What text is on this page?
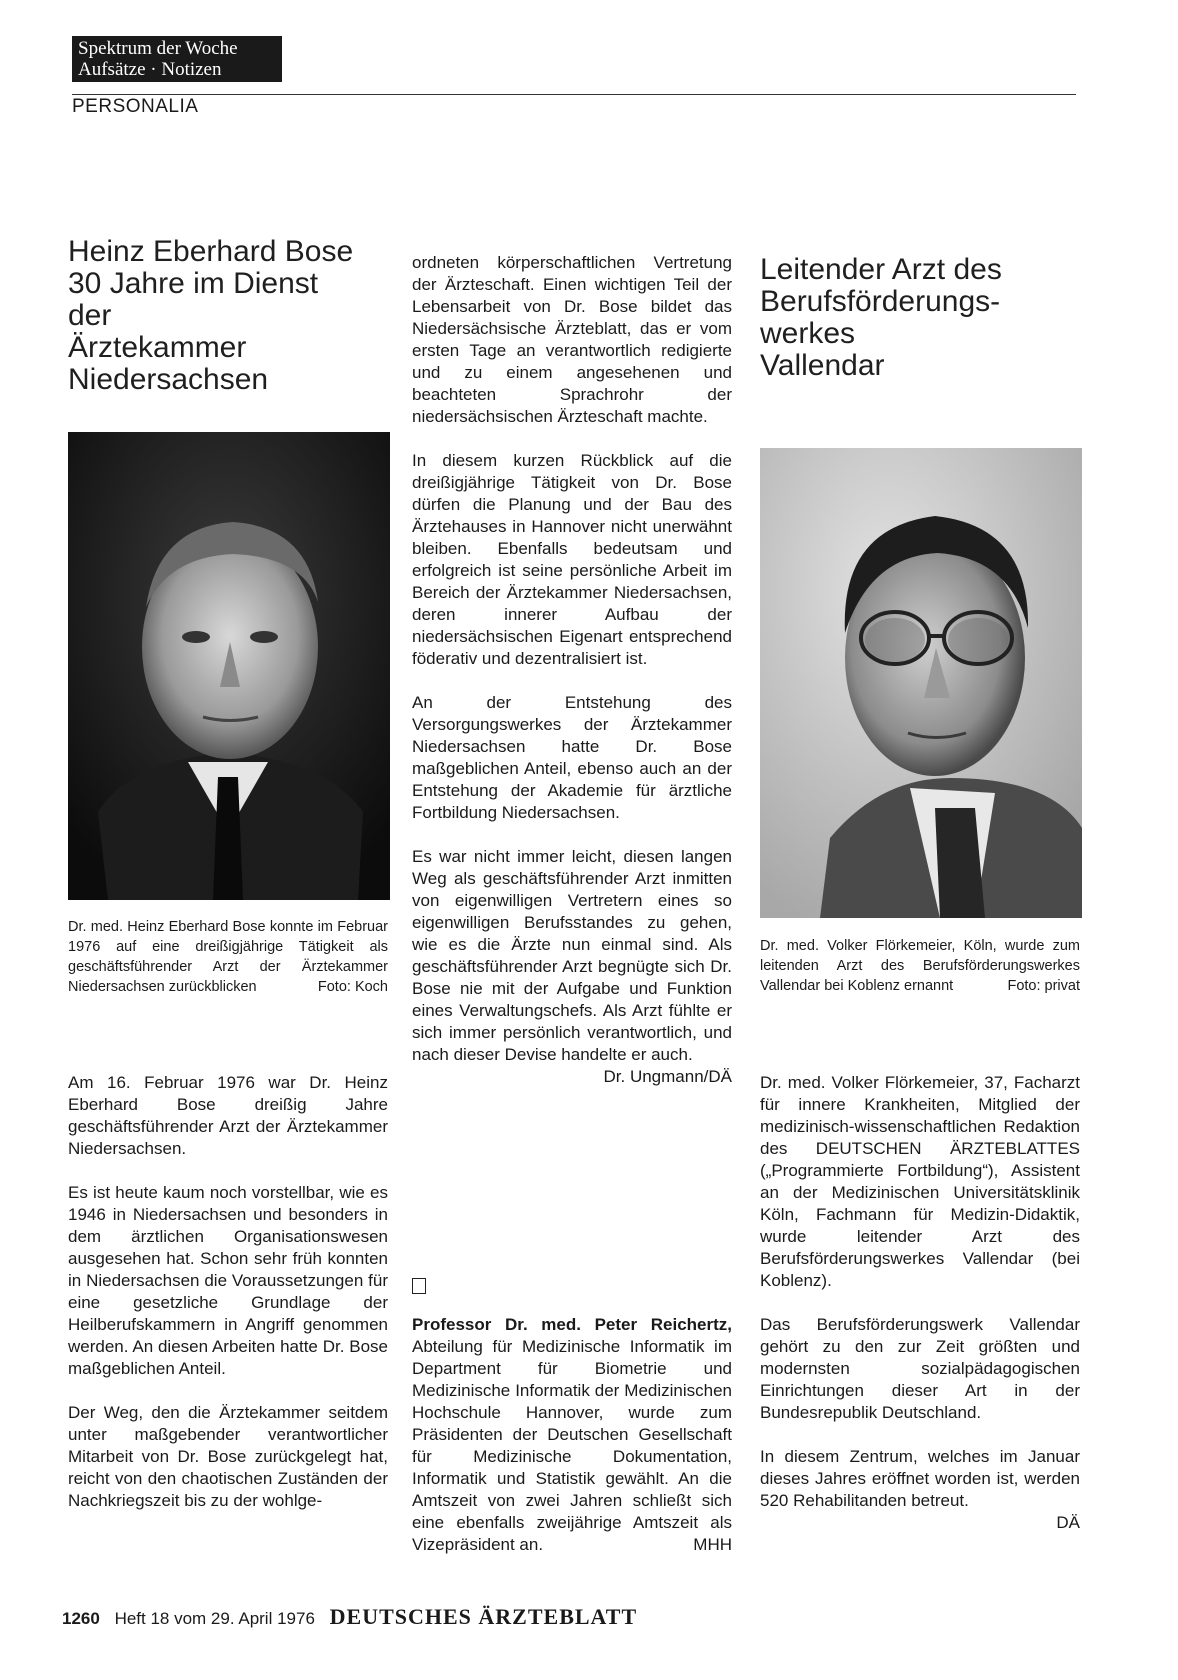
Spektrum der Woche
Aufsätze · Notizen
PERSONALIA
Heinz Eberhard Bose
30 Jahre im Dienst der
Ärztekammer
Niedersachsen
Dr. med. Heinz Eberhard Bose konnte im Februar 1976 auf eine dreißigjährige Tätigkeit als geschäftsführender Arzt der Ärztekammer Niedersachsen zurückblicken	Foto: Koch

Am 16. Februar 1976 war Dr. Heinz Eberhard Bose dreißig Jahre geschäftsführender Arzt der Ärztekammer Niedersachsen.

Es ist heute kaum noch vorstellbar, wie es 1946 in Niedersachsen und besonders in dem ärztlichen Organisationswesen ausgesehen hat. Schon sehr früh konnten in Niedersachsen die Voraussetzungen für eine gesetzliche Grundlage der Heilberufskammern in Angriff genommen werden. An diesen Arbeiten hatte Dr. Bose maßgeblichen Anteil.

Der Weg, den die Ärztekammer seitdem unter maßgebender verantwortlicher Mitarbeit von Dr. Bose zurückgelegt hat, reicht von den chaotischen Zuständen der Nachkriegszeit bis zu der wohlge-

ordneten körperschaftlichen Vertretung der Ärzteschaft. Einen wichtigen Teil der Lebensarbeit von Dr. Bose bildet das Niedersächsische Ärzteblatt, das er vom ersten Tage an verantwortlich redigierte und zu einem angesehenen und beachteten Sprachrohr der niedersächsischen Ärzteschaft machte.

In diesem kurzen Rückblick auf die dreißigjährige Tätigkeit von Dr. Bose dürfen die Planung und der Bau des Ärztehauses in Hannover nicht unerwähnt bleiben. Ebenfalls bedeutsam und erfolgreich ist seine persönliche Arbeit im Bereich der Ärztekammer Niedersachsen, deren innerer Aufbau der niedersächsischen Eigenart entsprechend föderativ und dezentralisiert ist.

An der Entstehung des Versorgungswerkes der Ärztekammer Niedersachsen hatte Dr. Bose maßgeblichen Anteil, ebenso auch an der Entstehung der Akademie für ärztliche Fortbildung Niedersachsen.

Es war nicht immer leicht, diesen langen Weg als geschäftsführender Arzt inmitten von eigenwilligen Vertretern eines so eigenwilligen Berufsstandes zu gehen, wie es die Ärzte nun einmal sind. Als geschäftsführender Arzt begnügte sich Dr. Bose nie mit der Aufgabe und Funktion eines Verwaltungschefs. Als Arzt fühlte er sich immer persönlich verantwortlich, und nach dieser Devise handelte er auch.

Dr. Ungmann/DÄ
Professor Dr. med. Peter Reichertz, Abteilung für Medizinische Informatik im Department für Biometrie und Medizinische Informatik der Medizinischen Hochschule Hannover, wurde zum Präsidenten der Deutschen Gesellschaft für Medizinische Dokumentation, Informatik und Statistik gewählt. An die Amtszeit von zwei Jahren schließt sich eine ebenfalls zweijährige Amtszeit als Vizepräsident an.	MHH
Leitender Arzt des
Berufsförderungs-
werkes
Vallendar
Dr. med. Volker Flörkemeier, Köln, wurde zum leitenden Arzt des Berufsförderungswerkes Vallendar bei Koblenz ernannt	Foto: privat

Dr. med. Volker Flörkemeier, 37, Facharzt für innere Krankheiten, Mitglied der medizinisch-wissenschaftlichen Redaktion des DEUTSCHEN ÄRZTEBLATTES („Programmierte Fortbildung“), Assistent an der Medizinischen Universitätsklinik Köln, Fachmann für Medizin-Didaktik, wurde leitender Arzt des Berufsförderungswerkes Vallendar (bei Koblenz).

Das Berufsförderungswerk Vallendar gehört zu den zur Zeit größten und modernsten sozialpädagogischen Einrichtungen dieser Art in der Bundesrepublik Deutschland.

In diesem Zentrum, welches im Januar dieses Jahres eröffnet worden ist, werden 520 Rehabilitanden betreut.

DÄ
1260 Heft 18 vom 29. April 1976 DEUTSCHES ÄRZTEBLATT
